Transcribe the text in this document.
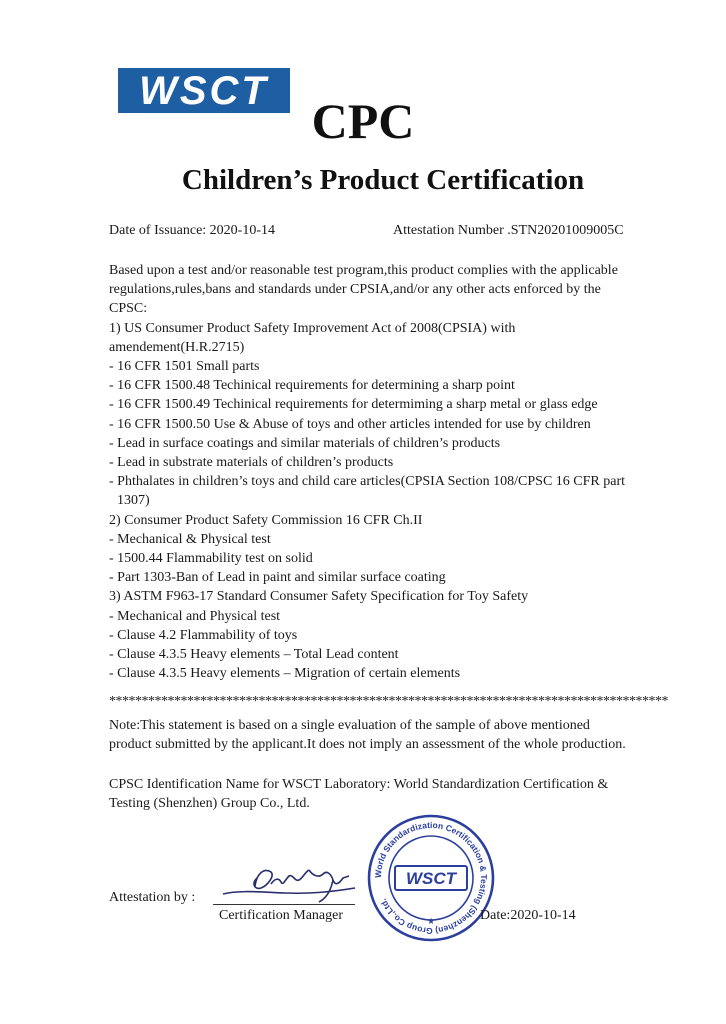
WSCT
CPC
Children’s Product Certification
Date of Issuance: 2020-10-14	Attestation Number .STN20201009005C
Based upon a test and/or reasonable test program,this product complies with the applicable
regulations,rules,bans and standards under CPSIA,and/or any other acts enforced by the
CPSC:
1) US Consumer Product Safety Improvement Act of 2008(CPSIA) with
amendement(H.R.2715)
- 16 CFR 1501 Small parts
- 16 CFR 1500.48 Techinical requirements for determining a sharp point
- 16 CFR 1500.49 Techinical requirements for determiming a sharp metal or glass edge
- 16 CFR 1500.50 Use & Abuse of toys and other articles intended for use by children
- Lead in surface coatings and similar materials of children’s products
- Lead in substrate materials of children’s products
- Phthalates in children’s toys and child care articles(CPSIA Section 108/CPSC 16 CFR part
1307)
2) Consumer Product Safety Commission 16 CFR Ch.II
- Mechanical & Physical test
- 1500.44 Flammability test on solid
- Part 1303-Ban of Lead in paint and similar surface coating
3) ASTM F963-17 Standard Consumer Safety Specification for Toy Safety
- Mechanical and Physical test
- Clause 4.2 Flammability of toys
- Clause 4.3.5 Heavy elements – Total Lead content
- Clause 4.3.5 Heavy elements – Migration of certain elements
**************************************************************************************
Note:This statement is based on a single evaluation of the sample of above mentioned
product submitted by the applicant.It does not imply an assessment of the whole production.
CPSC Identification Name for WSCT Laboratory: World Standardization Certification &
Testing (Shenzhen) Group Co., Ltd.
Attestation by :
Certification Manager
World Standardization Certification & Testing (Shenzhen) Group Co.,Ltd.
WSCT
★	Date:2020-10-14
